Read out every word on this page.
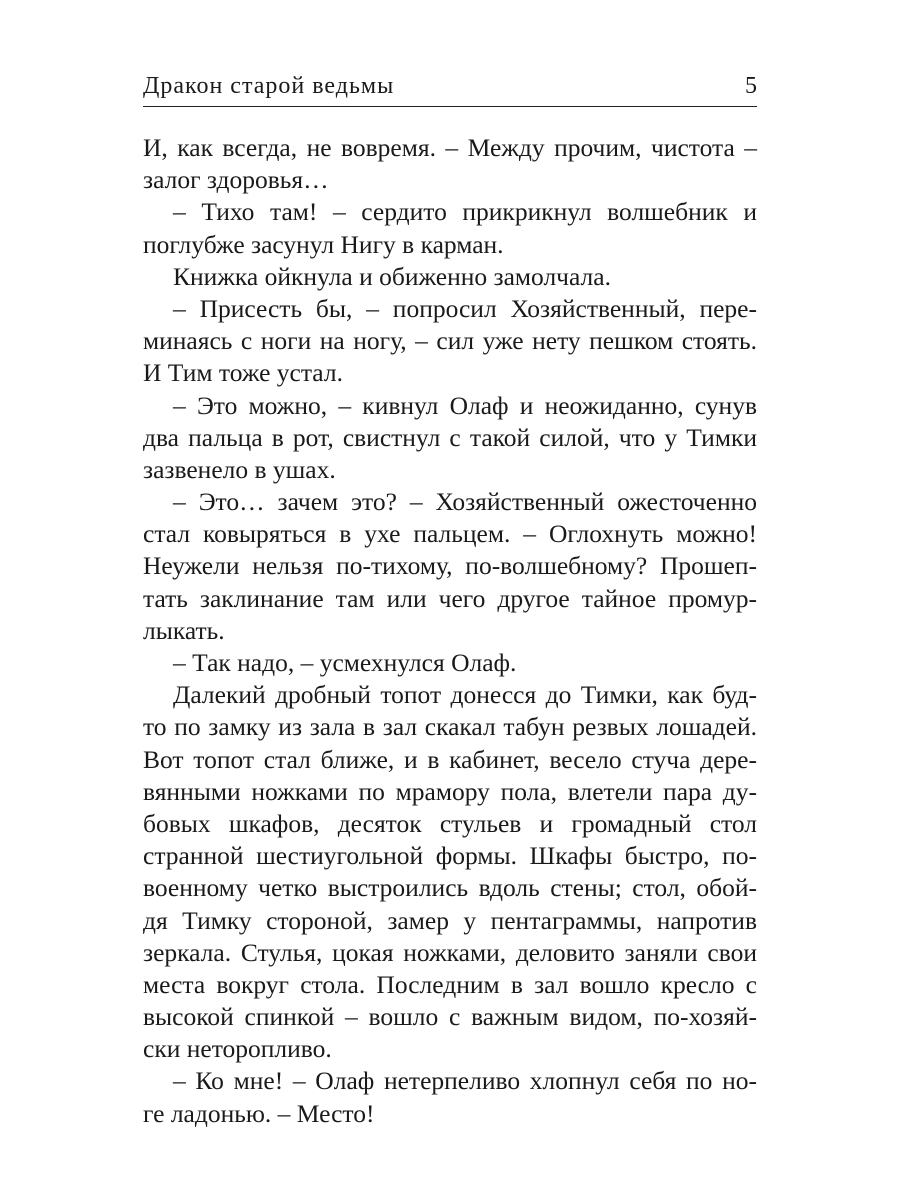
Дракон старой ведьмы	5
И, как всегда, не вовремя. – Между прочим, чистота –
залог здоровья…
– Тихо там! – сердито прикрикнул волшебник и
поглубже засунул Нигу в карман.
Книжка ойкнула и обиженно замолчала.
– Присесть бы, – попросил Хозяйственный, пере-
минаясь с ноги на ногу, – сил уже нету пешком стоять.
И Тим тоже устал.
– Это можно, – кивнул Олаф и неожиданно, сунув
два пальца в рот, свистнул с такой силой, что у Тимки
зазвенело в ушах.
– Это… зачем это? – Хозяйственный ожесточенно
стал ковыряться в ухе пальцем. – Оглохнуть можно!
Неужели нельзя по-тихому, по-волшебному? Прошеп-
тать заклинание там или чего другое тайное промур-
лыкать.
– Так надо, – усмехнулся Олаф.
Далекий дробный топот донесся до Тимки, как буд-
то по замку из зала в зал скакал табун резвых лошадей.
Вот топот стал ближе, и в кабинет, весело стуча дере-
вянными ножками по мрамору пола, влетели пара ду-
бовых шкафов, десяток стульев и громадный стол
странной шестиугольной формы. Шкафы быстро, по-
военному четко выстроились вдоль стены; стол, обой-
дя Тимку стороной, замер у пентаграммы, напротив
зеркала. Стулья, цокая ножками, деловито заняли свои
места вокруг стола. Последним в зал вошло кресло с
высокой спинкой – вошло с важным видом, по-хозяй-
ски неторопливо.
– Ко мне! – Олаф нетерпеливо хлопнул себя по но-
ге ладонью. – Место!
